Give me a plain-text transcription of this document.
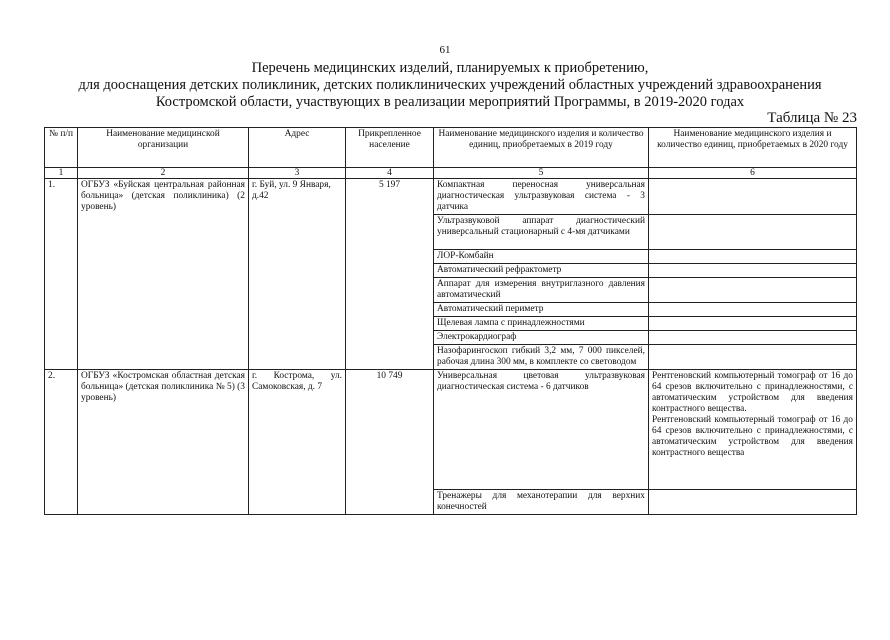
61
Перечень медицинских изделий, планируемых к приобретению,
для дооснащения детских поликлиник, детских поликлинических учреждений областных учреждений здравоохранения
Костромской области, участвующих в реализации мероприятий Программы, в 2019-2020 годах
Таблица № 23
№ п/п	Наименование медицинской организации	Адрес	Прикрепленное население	Наименование медицинского изделия и количество единиц, приобретаемых в 2019 году	Наименование медицинского изделия и количество единиц, приобретаемых в 2020 году
1	2	3	4	5	6
1.	ОГБУЗ «Буйская центральная районная больница» (детская поликлиника) (2 уровень)	г. Буй, ул. 9 Января, д.42	5 197	Компактная переносная универсальная диагностическая ультразвуковая система - 3 датчика	
				Ультразвуковой аппарат диагностический универсальный стационарный с 4-мя датчиками	
				ЛОР-Комбайн	
				Автоматический рефрактометр	
				Аппарат для измерения внутриглазного давления автоматический	
				Автоматический периметр	
				Щелевая лампа с принадлежностями	
				Электрокардиограф	
				Назофарингоскоп гибкий 3,2 мм, 7 000 пикселей, рабочая длина 300 мм, в комплекте со световодом	
2.	ОГБУЗ «Костромская областная детская больница» (детская поликлиника № 5) (3 уровень)	г. Кострома, ул. Самоковская, д. 7	10 749	Универсальная цветовая ультразвуковая диагностическая система - 6 датчиков	Рентгеновский компьютерный томограф от 16 до 64 срезов включительно с принадлежностями, с автоматическим устройством для введения контрастного вещества.
Рентгеновский компьютерный томограф от 16 до 64 срезов включительно с принадлежностями, с автоматическим устройством для введения контрастного вещества

				Тренажеры для механотерапии для верхних конечностей	
